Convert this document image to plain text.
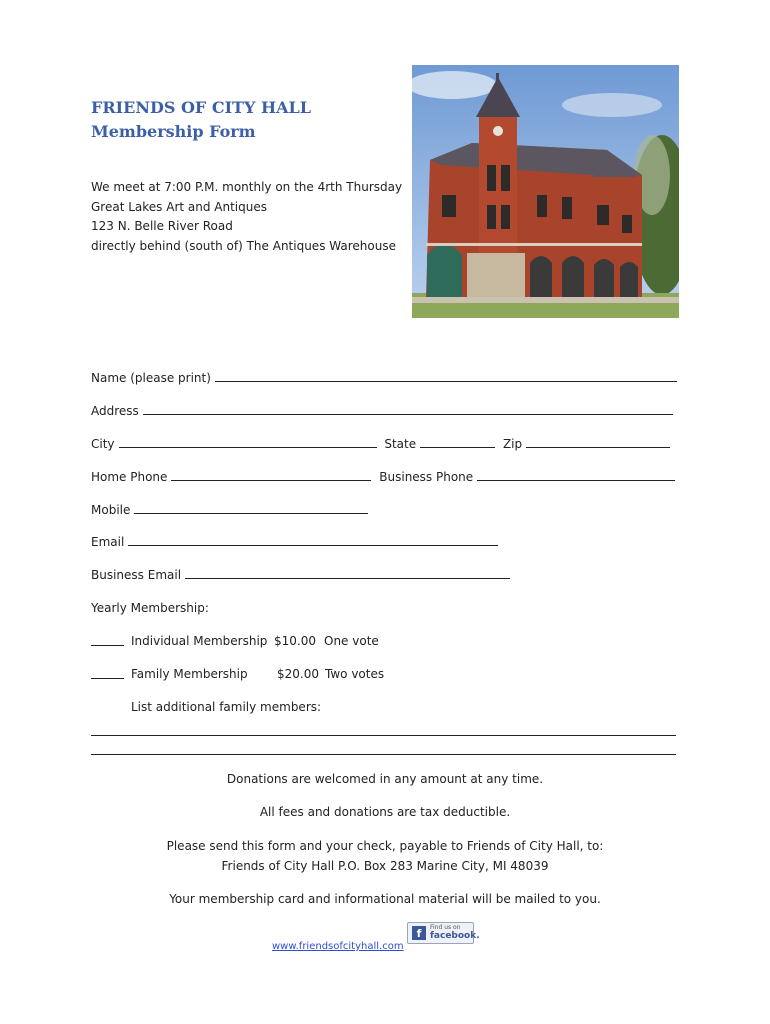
FRIENDS OF CITY HALL
Membership Form
We meet at 7:00 P.M. monthly on the 4rth Thursday
Great Lakes Art and Antiques
123 N. Belle River Road
directly behind (south of) The Antiques Warehouse
Name (please print)
Address
City	State	Zip
Home Phone	Business Phone
Mobile
Email
Business Email
Yearly Membership:
Individual Membership $10.00 One vote
Family Membership $20.00 Two votes
List additional family members:
Donations are welcomed in any amount at any time.
All fees and donations are tax deductible.
Please send this form and your check, payable to Friends of City Hall, to:
Friends of City Hall P.O. Box 283 Marine City, MI 48039
Your membership card and informational material will be mailed to you.
www.friendsofcityhall.com
f	Find us on
facebook.
